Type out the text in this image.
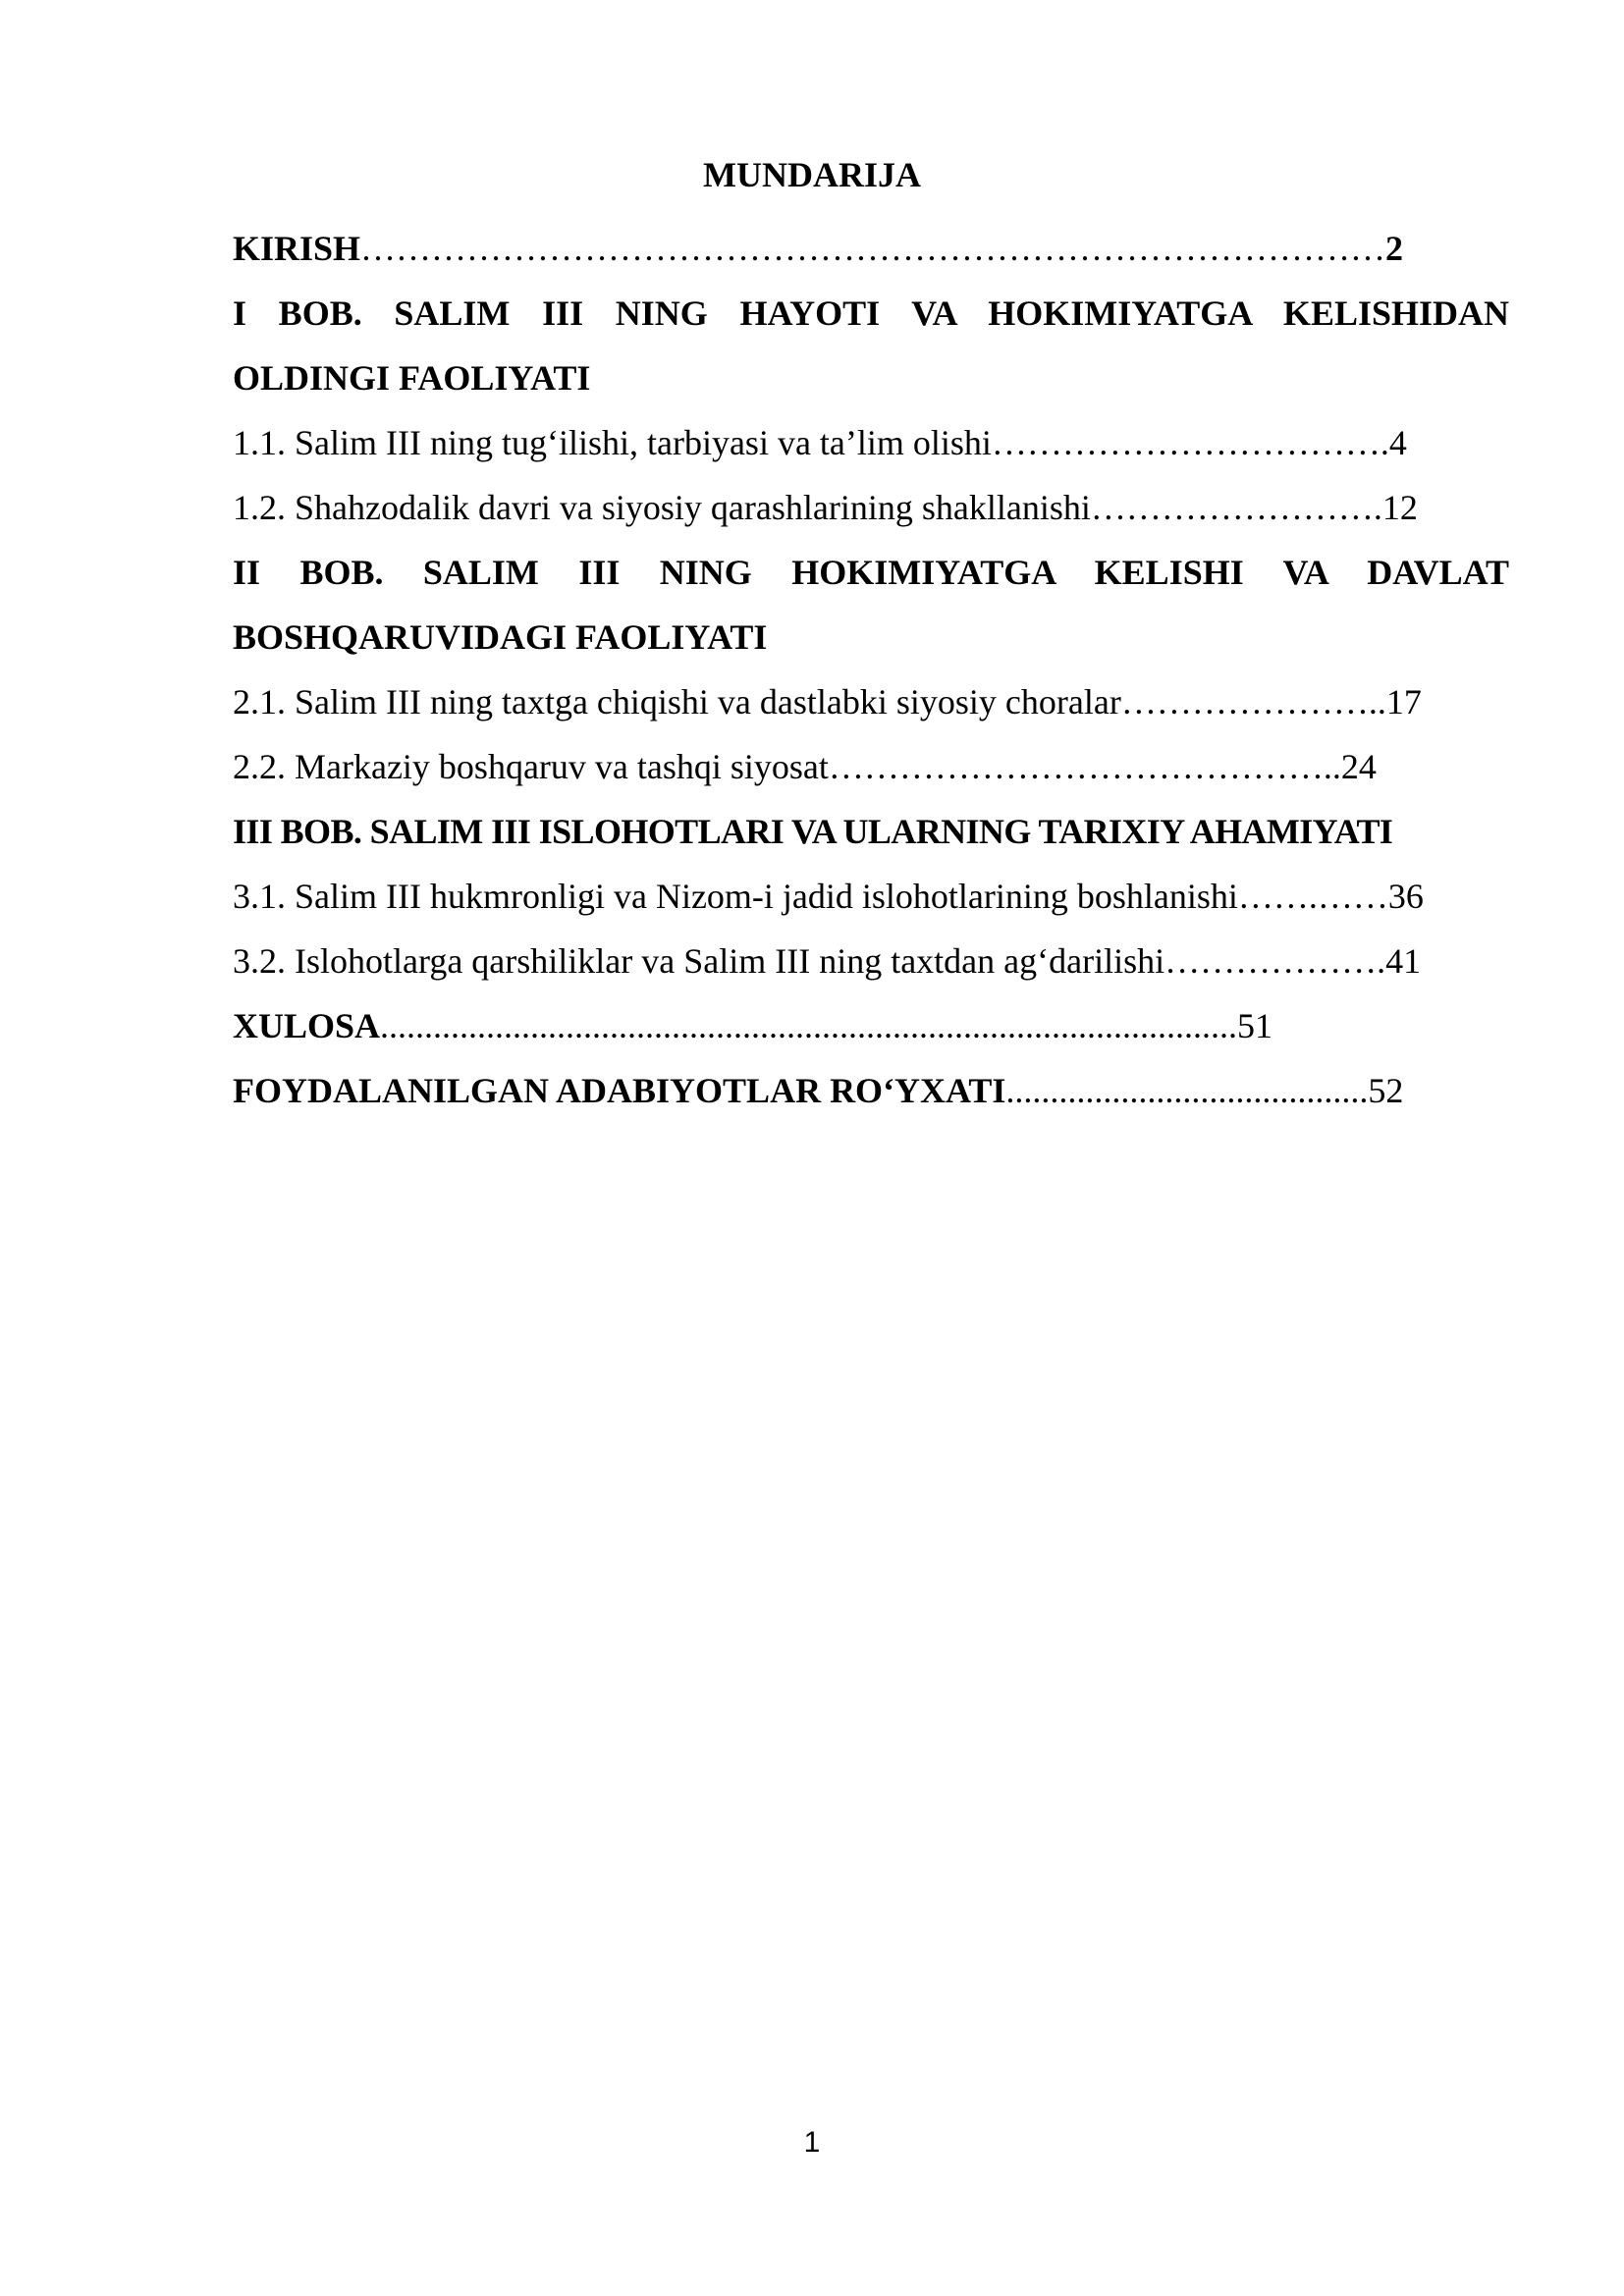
MUNDARIJA
KIRISH……………………………………………………………………………2
I BOB. SALIM III NING HAYOTI VA HOKIMIYATGA KELISHIDAN
OLDINGI FAOLIYATI
1.1. Salim III ning tug‘ilishi, tarbiyasi va ta’lim olishi…………………………….4
1.2. Shahzodalik davri va siyosiy qarashlarining shakllanishi…………………….12
II BOB. SALIM III NING HOKIMIYATGA KELISHI VA DAVLAT
BOSHQARUVIDAGI FAOLIYATI
2.1. Salim III ning taxtga chiqishi va dastlabki siyosiy choralar…………………..17
2.2. Markaziy boshqaruv va tashqi siyosat……………………………………..24
III BOB. SALIM III ISLOHOTLARI VA ULARNING TARIXIY AHAMIYATI
3.1. Salim III hukmronligi va Nizom-i jadid islohotlarining boshlanishi…….……36
3.2. Islohotlarga qarshiliklar va Salim III ning taxtdan ag‘darilishi……………….41
XULOSA.................................................................................................51
FOYDALANILGAN ADABIYOTLAR RO‘YXATI.........................................52
1
